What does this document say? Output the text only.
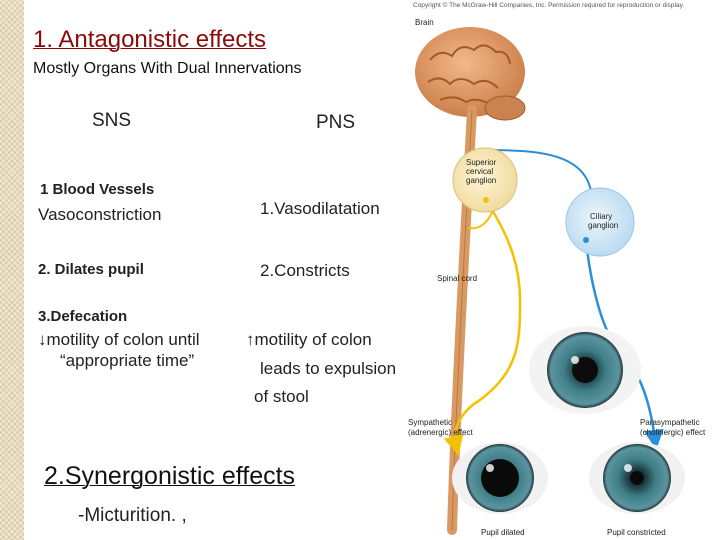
1. Antagonistic effects
Mostly Organs With Dual Innervations
SNS	PNS
1 Blood Vessels
Vasoconstriction	1.Vasodilatation
2. Dilates pupil	2.Constricts
3.Defecation
↓motility of colon until
“appropriate time”
↑motility of colon
leads to expulsion
of stool
2.Synergonistic effects
-Micturition. ,
Copyright © The McGraw-Hill Companies, Inc. Permission required for reproduction or display.
Brain
Superior
cervical
ganglion
Ciliary
ganglion
Spinal cord
Sympathetic
(adrenergic) effect
Parasympathetic
(cholinergic) effect
Pupil dilated	Pupil constricted
